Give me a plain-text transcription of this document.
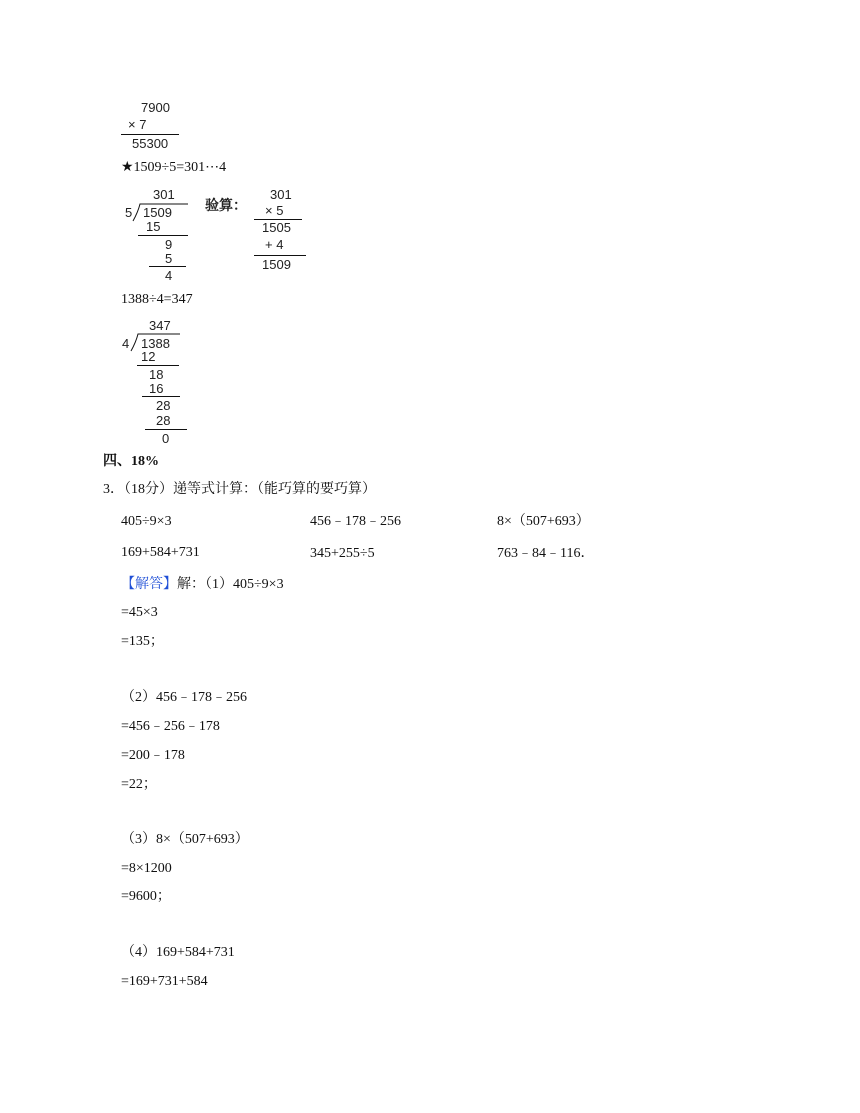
7900
× 7
55300
★1509÷5=301⋯4
301
5 1509
15
9
5
4
验算：
301
× 5
1505
+ 4
1509
1388÷4=347
347
4 1388
12
18
16
28
28
0
四、18%
3．（18分）递等式计算：（能巧算的要巧算）
405÷9×3	456﹣178﹣256	8×（507+693）
169+584+731	345+255÷5	763﹣84﹣116．
【解答】解：（1）405÷9×3
=45×3
=135；
（2）456﹣178﹣256
=456﹣256﹣178
=200﹣178
=22；
（3）8×（507+693）
=8×1200
=9600；
（4）169+584+731
=169+731+584
